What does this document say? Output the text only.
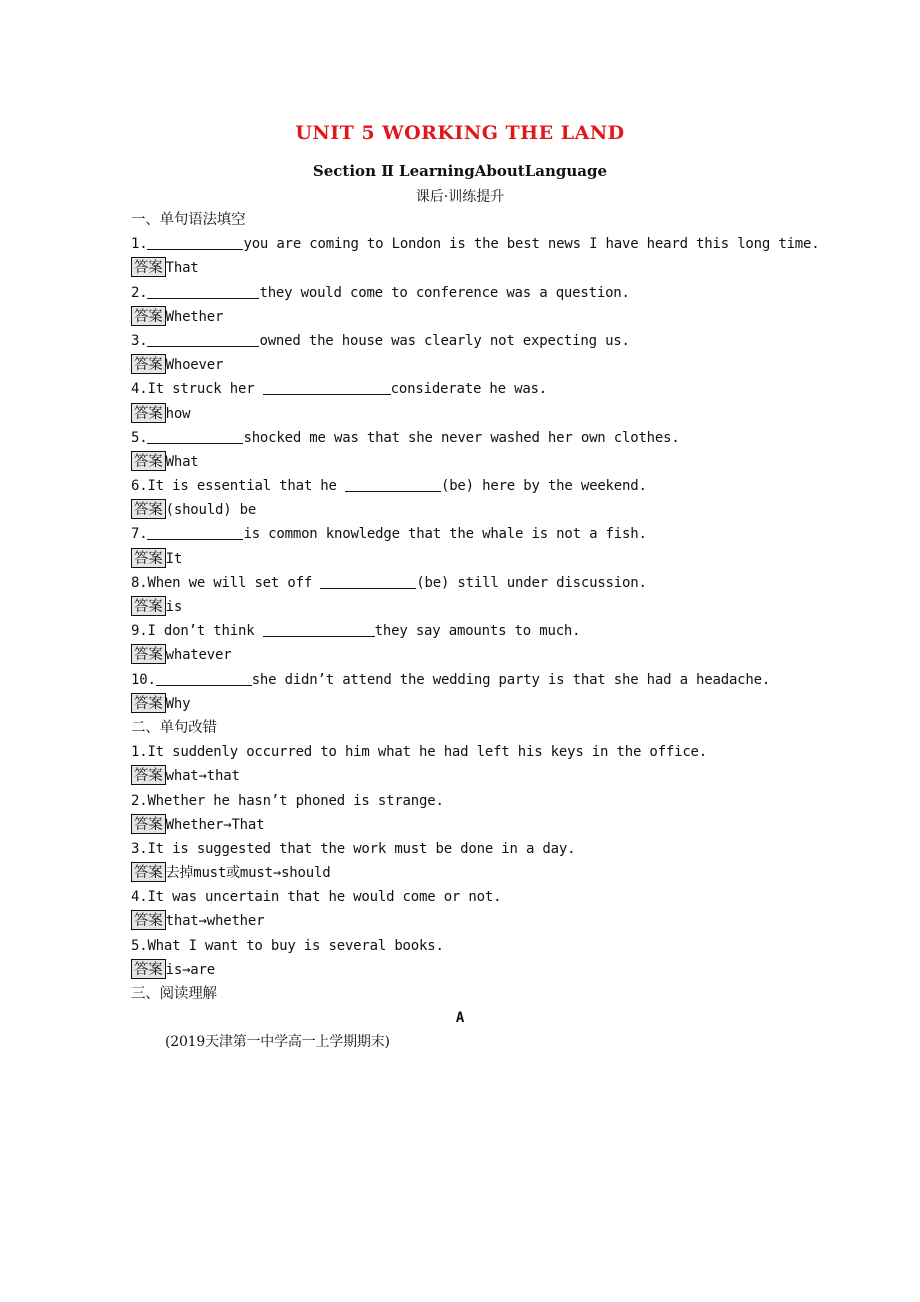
UNIT 5 WORKING THE LAND
Section Ⅱ LearningAboutLanguage
课后·训练提升
一、单句语法填空
1.	you are coming to London is the best news I have heard this long time.
答案 That
2.	they would come to conference was a question.
答案 Whether
3.	owned the house was clearly not expecting us.
答案 Whoever
4.It struck her	considerate he was.
答案 how
5.	shocked me was that she never washed her own clothes.
答案 What
6.It is essential that he	(be) here by the weekend.
答案 (should) be
7.	is common knowledge that the whale is not a fish.
答案 It
8.When we will set off	(be) still under discussion.
答案 is
9.I don’t think	they say amounts to much.
答案 whatever
10.	she didn’t attend the wedding party is that she had a headache.
答案 Why
二、单句改错
1.It suddenly occurred to him what he had left his keys in the office.
答案 what→that
2.Whether he hasn’t phoned is strange.
答案 Whether→That
3.It is suggested that the work must be done in a day.
答案 去掉must或must→should
4.It was uncertain that he would come or not.
答案 that→whether
5.What I want to buy is several books.
答案 is→are
三、阅读理解
A
(2019天津第一中学高一上学期期末)
